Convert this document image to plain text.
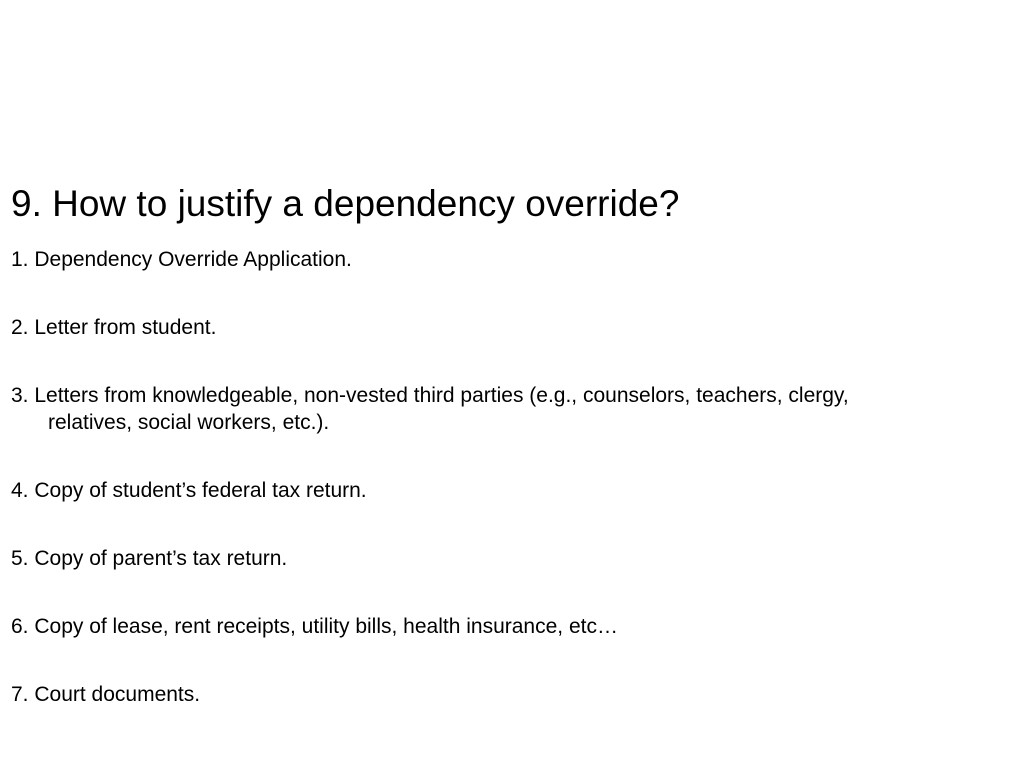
9. How to justify a dependency override?
1. Dependency Override Application.
2. Letter from student.
3. Letters from knowledgeable, non-vested third parties (e.g., counselors, teachers, clergy, relatives, social workers, etc.).
4. Copy of student’s federal tax return.
5. Copy of parent’s tax return.
6. Copy of lease, rent receipts, utility bills, health insurance, etc…
7. Court documents.
